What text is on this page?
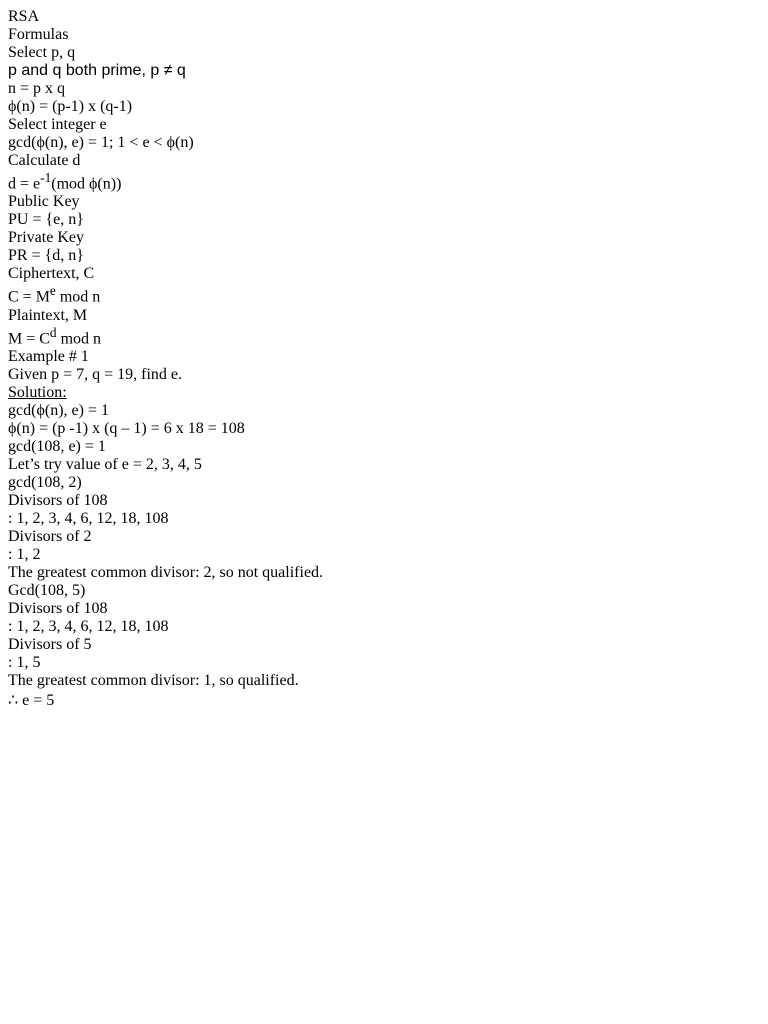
RSA
Formulas
Select p, q
p and q both prime, p ≠ q
n = p x q
ϕ(n) = (p-1) x (q-1)
Select integer e
gcd(ϕ(n), e) = 1; 1 < e < ϕ(n)
Calculate d
$d = e^{-1}(mod$ ϕ(n))
Public Key
PU = {e, n}
Private Key
PR = {d, n}
Ciphertext, C
$C = M^e$ mod n
Plaintext, M
$M = C^d$ mod n
Example # 1
Given p = 7, q = 19, find e.
Solution:
gcd(ϕ(n), e) = 1
ϕ(n) = (p -1) x (q – 1) = 6 x 18 = 108
gcd(108, e) = 1
Let’s try value of e = 2, 3, 4, 5
gcd(108, 2)
Divisors of 108
: 1, 2, 3, 4, 6, 12, 18, 108
Divisors of 2
: 1, 2
The greatest common divisor: 2, so not qualified.
Gcd(108, 5)
Divisors of 108
: 1, 2, 3, 4, 6, 12, 18, 108
Divisors of 5
: 1, 5
The greatest common divisor: 1, so qualified.
∴ e = 5
